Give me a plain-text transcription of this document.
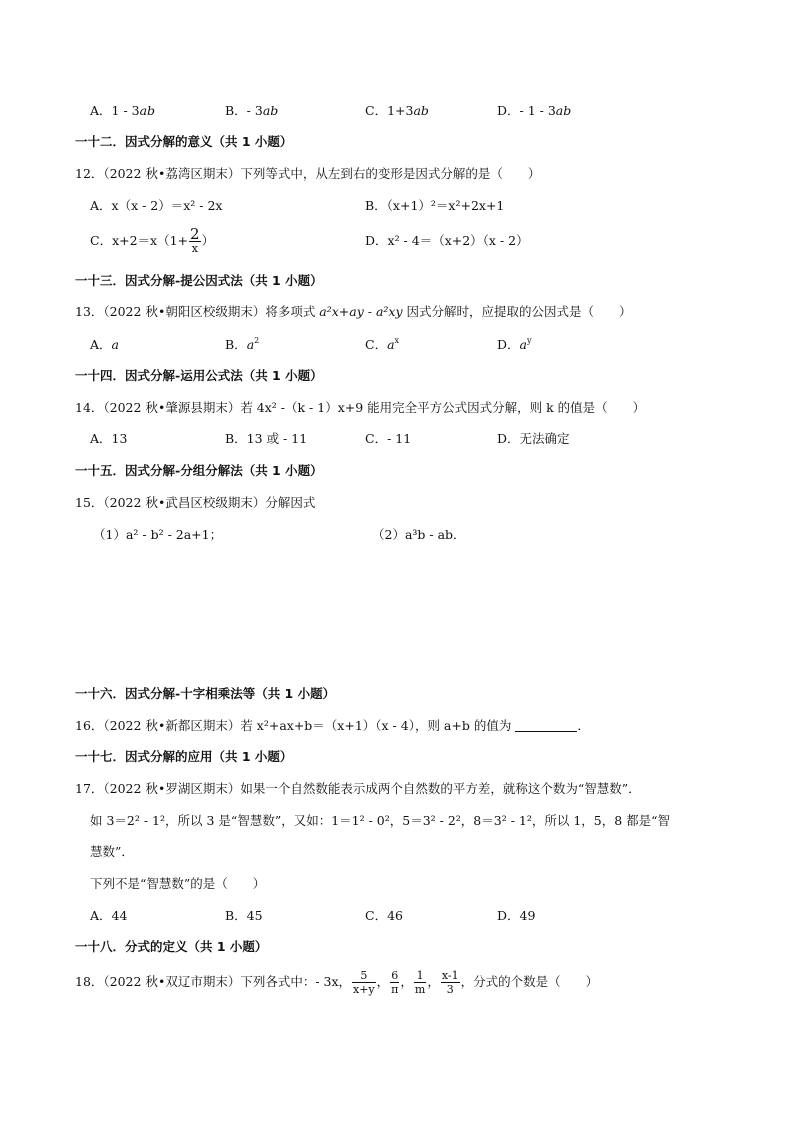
A．1 - 3ab	B．- 3ab	C．1+3ab	D．- 1 - 3ab
一十二．因式分解的意义（共 1 小题）
12．（2022 秋•荔湾区期末）下列等式中，从左到右的变形是因式分解的是（　　）
A．x（x - 2）＝x² - 2x	B．（x+1）²＝x²+2x+1
C．$x+2=x(1+ \frac{2}{x}$ ）	D．x² - 4＝（x+2）（x - 2）
一十三．因式分解-提公因式法（共 1 小题）
13．（2022 秋•朝阳区校级期末）将多项式 a²x+ay - a²xy 因式分解时，应提取的公因式是（　　）
A．a	B．$a^2$	C．$a^x$	D．$a^y$
一十四．因式分解-运用公式法（共 1 小题）
14．（2022 秋•肇源县期末）若 4x² -（k - 1）x+9 能用完全平方公式因式分解，则 k 的值是（　　）
A．13	B．13 或 - 11	C．- 11	D．无法确定
一十五．因式分解-分组分解法（共 1 小题）
15．（2022 秋•武昌区校级期末）分解因式
（1）a² - b² - 2a+1；	（2）a³b - ab．
一十六．因式分解-十字相乘法等（共 1 小题）
16．（2022 秋•新都区期末）若 x²+ax+b＝（x+1）（x - 4），则 a+b 的值为	．
一十七．因式分解的应用（共 1 小题）
17．（2022 秋•罗湖区期末）如果一个自然数能表示成两个自然数的平方差，就称这个数为“智慧数”．
如 3＝2² - 1²，所以 3 是“智慧数”，又如：1＝1² - 0²，5＝3² - 2²，8＝3² - 1²，所以 1，5，8 都是“智
慧数”．
下列不是“智慧数”的是（　　）
A．44	B．45	C．46	D．49
一十八．分式的定义（共 1 小题）
18．（2022 秋•双辽市期末）下列各式中：- 3x， $\frac{5}{x+y}$ ， $\frac{6}{\pi}$ ， $\frac{1}{m}$ ， $\frac{x-1}{3}$ ，分式的个数是（　　）
